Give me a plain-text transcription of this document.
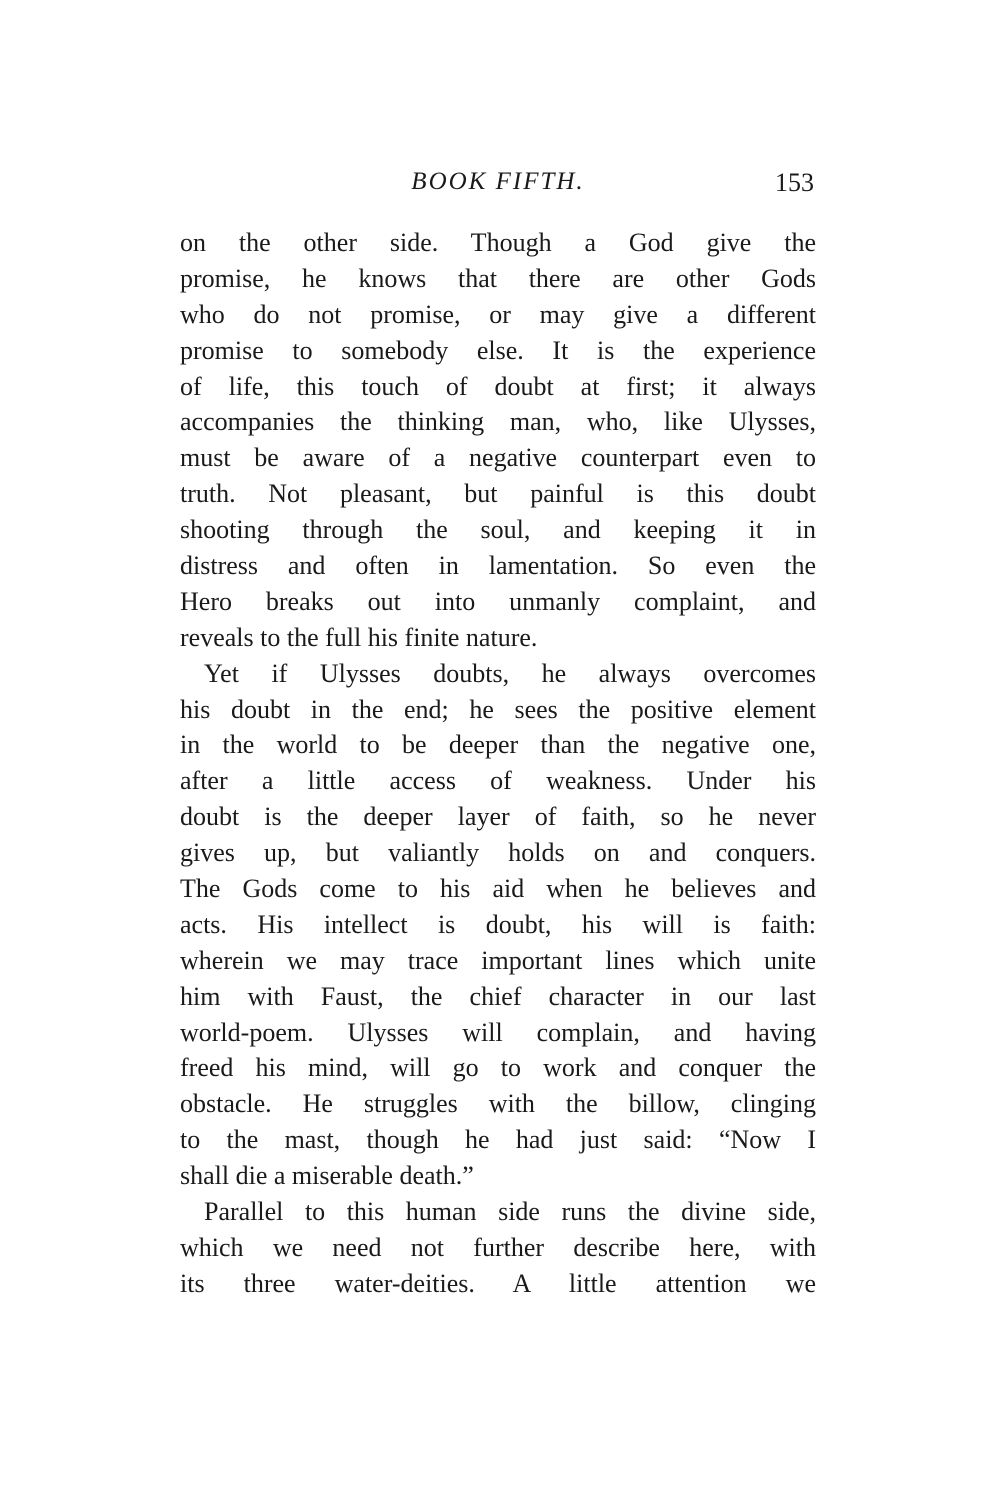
BOOK FIFTH.	153
on the other side. Though a God give the
promise, he knows that there are other Gods
who do not promise, or may give a different
promise to somebody else. It is the experience
of life, this touch of doubt at first; it always
accompanies the thinking man, who, like Ulysses,
must be aware of a negative counterpart even to
truth. Not pleasant, but painful is this doubt
shooting through the soul, and keeping it in
distress and often in lamentation. So even the
Hero breaks out into unmanly complaint, and
reveals to the full his finite nature.
Yet if Ulysses doubts, he always overcomes
his doubt in the end; he sees the positive element
in the world to be deeper than the negative one,
after a little access of weakness. Under his
doubt is the deeper layer of faith, so he never
gives up, but valiantly holds on and conquers.
The Gods come to his aid when he believes and
acts. His intellect is doubt, his will is faith:
wherein we may trace important lines which unite
him with Faust, the chief character in our last
world-poem. Ulysses will complain, and having
freed his mind, will go to work and conquer the
obstacle. He struggles with the billow, clinging
to the mast, though he had just said: “Now I
shall die a miserable death.”
Parallel to this human side runs the divine side,
which we need not further describe here, with
its three water-deities. A little attention we
